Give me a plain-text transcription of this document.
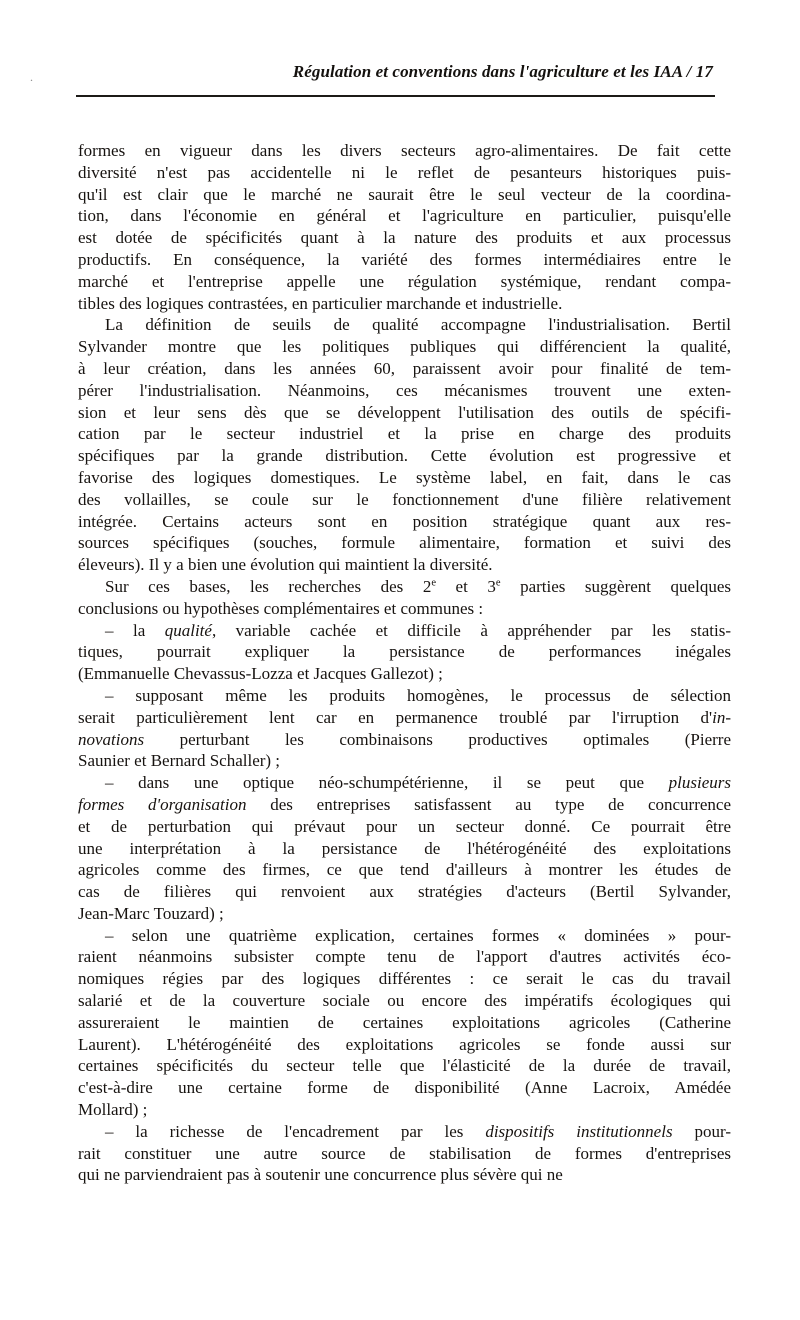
.	Régulation et conventions dans l'agriculture et les IAA / 17
formes en vigueur dans les divers secteurs agro-alimentaires. De fait cette
diversité n'est pas accidentelle ni le reflet de pesanteurs historiques puis-
qu'il est clair que le marché ne saurait être le seul vecteur de la coordina-
tion, dans l'économie en général et l'agriculture en particulier, puisqu'elle
est dotée de spécificités quant à la nature des produits et aux processus
productifs. En conséquence, la variété des formes intermédiaires entre le
marché et l'entreprise appelle une régulation systémique, rendant compa-
tibles des logiques contrastées, en particulier marchande et industrielle.
La définition de seuils de qualité accompagne l'industrialisation. Bertil
Sylvander montre que les politiques publiques qui différencient la qualité,
à leur création, dans les années 60, paraissent avoir pour finalité de tem-
pérer l'industrialisation. Néanmoins, ces mécanismes trouvent une exten-
sion et leur sens dès que se développent l'utilisation des outils de spécifi-
cation par le secteur industriel et la prise en charge des produits
spécifiques par la grande distribution. Cette évolution est progressive et
favorise des logiques domestiques. Le système label, en fait, dans le cas
des vollailles, se coule sur le fonctionnement d'une filière relativement
intégrée. Certains acteurs sont en position stratégique quant aux res-
sources spécifiques (souches, formule alimentaire, formation et suivi des
éleveurs). Il y a bien une évolution qui maintient la diversité.
Sur ces bases, les recherches des 2e et 3e parties suggèrent quelques
conclusions ou hypothèses complémentaires et communes :
– la qualité, variable cachée et difficile à appréhender par les statis-
tiques, pourrait expliquer la persistance de performances inégales
(Emmanuelle Chevassus-Lozza et Jacques Gallezot) ;
– supposant même les produits homogènes, le processus de sélection
serait particulièrement lent car en permanence troublé par l'irruption d'in-
novations perturbant les combinaisons productives optimales (Pierre
Saunier et Bernard Schaller) ;
– dans une optique néo-schumpétérienne, il se peut que plusieurs
formes d'organisation des entreprises satisfassent au type de concurrence
et de perturbation qui prévaut pour un secteur donné. Ce pourrait être
une interprétation à la persistance de l'hétérogénéité des exploitations
agricoles comme des firmes, ce que tend d'ailleurs à montrer les études de
cas de filières qui renvoient aux stratégies d'acteurs (Bertil Sylvander,
Jean-Marc Touzard) ;
– selon une quatrième explication, certaines formes « dominées » pour-
raient néanmoins subsister compte tenu de l'apport d'autres activités éco-
nomiques régies par des logiques différentes : ce serait le cas du travail
salarié et de la couverture sociale ou encore des impératifs écologiques qui
assureraient le maintien de certaines exploitations agricoles (Catherine
Laurent). L'hétérogénéité des exploitations agricoles se fonde aussi sur
certaines spécificités du secteur telle que l'élasticité de la durée de travail,
c'est-à-dire une certaine forme de disponibilité (Anne Lacroix, Amédée
Mollard) ;
– la richesse de l'encadrement par les dispositifs institutionnels pour-
rait constituer une autre source de stabilisation de formes d'entreprises
qui ne parviendraient pas à soutenir une concurrence plus sévère qui ne
